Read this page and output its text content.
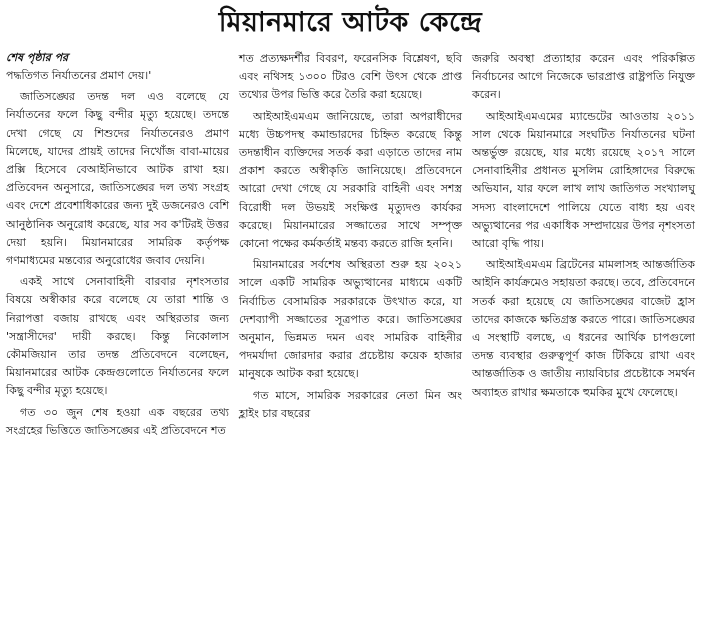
মিয়ানমারে আটক কেন্দ্রে
শেষ পৃষ্ঠার পর

পদ্ধতিগত নির্যাতনের প্রমাণ দেয়।'

জাতিসঙ্ঘের তদন্ত দল এও বলেছে যে নির্যাতনের ফলে কিছু বন্দীর মৃত্যু হয়েছে। তদন্তে দেখা গেছে যে শিশুদের নির্যাতনেরও প্রমাণ মিলেছে, যাদের প্রায়ই তাদের নিখোঁজ বাবা-মায়ের প্রক্সি হিসেবে বেআইনিভাবে আটক রাখা হয়। প্রতিবেদন অনুসারে, জাতিসঙ্ঘের দল তথ্য সংগ্রহ এবং দেশে প্রবেশাধিকারের জন্য দুই ডজনেরও বেশি আনুষ্ঠানিক অনুরোধ করেছে, যার সব ক'টিরই উত্তর দেয়া হয়নি। মিয়ানমারের সামরিক কর্তৃপক্ষ গণমাধ্যমের মন্তব্যের অনুরোধের জবাব দেয়নি।

একই সাথে সেনাবাহিনী বারবার নৃশংসতার বিষয়ে অস্বীকার করে বলেছে যে তারা শান্তি ও নিরাপত্তা বজায় রাখছে এবং অস্থিরতার জন্য 'সন্ত্রাসীদের' দায়ী করছে। কিন্তু নিকোলাস কৌমজিয়ান তার তদন্ত প্রতিবেদনে বলেছেন, মিয়ানমারের আটক কেন্দ্রগুলোতে নির্যাতনের ফলে কিছু বন্দীর মৃত্যু হয়েছে।

গত ৩০ জুন শেষ হওয়া এক বছরের তথ্য সংগ্রহের ভিত্তিতে জাতিসঙ্ঘের এই প্রতিবেদনে শত

শত প্রত্যক্ষদর্শীর বিবরণ, ফরেনসিক বিশ্লেষণ, ছবি এবং নথিসহ ১৩০০ টিরও বেশি উৎস থেকে প্রাপ্ত তথ্যের উপর ভিত্তি করে তৈরি করা হয়েছে।

আইআইএমএম জানিয়েছে, তারা অপরাধীদের মধ্যে উচ্চপদস্থ কমান্ডারদের চিহ্নিত করেছে কিন্তু তদন্তাধীন ব্যক্তিদের সতর্ক করা এড়াতে তাদের নাম প্রকাশ করতে অস্বীকৃতি জানিয়েছে। প্রতিবেদনে আরো দেখা গেছে যে সরকারি বাহিনী এবং সশস্ত্র বিরোধী দল উভয়ই সংক্ষিপ্ত মৃত্যুদণ্ড কার্যকর করেছে। মিয়ানমারের সজ্জাতের সাথে সম্পৃক্ত কোনো পক্ষের কর্মকর্তাই মন্তব্য করতে রাজি হননি।

মিয়ানমারের সর্বশেষ অস্থিরতা শুরু হয় ২০২১ সালে একটি সামরিক অভ্যুত্থানের মাধ্যমে একটি নির্বাচিত বেসামরিক সরকারকে উৎখাত করে, যা দেশব্যাপী সজ্জাতের সূত্রপাত করে। জাতিসঙ্ঘের অনুমান, ভিন্নমত দমন এবং সামরিক বাহিনীর পদমর্যাদা জোরদার করার প্রচেষ্টায় কয়েক হাজার মানুষকে আটক করা হয়েছে।

গত মাসে, সামরিক সরকারের নেতা মিন অং হ্লাইং চার বছরের

জরুরি অবস্থা প্রত্যাহার করেন এবং পরিকল্পিত নির্বাচনের আগে নিজেকে ভারপ্রাপ্ত রাষ্ট্রপতি নিযুক্ত করেন।

আইআইএমএমের ম্যান্ডেটের আওতায় ২০১১ সাল থেকে মিয়ানমারে সংঘটিত নির্যাতনের ঘটনা অন্তর্ভুক্ত রয়েছে, যার মধ্যে রয়েছে ২০১৭ সালে সেনাবাহিনীর প্রধানত মুসলিম রোহিঙ্গাদের বিরুদ্ধে অভিযান, যার ফলে লাখ লাখ জাতিগত সংখ্যালঘু সদস্য বাংলাদেশে পালিয়ে যেতে বাধ্য হয় এবং অভ্যুত্থানের পর একাধিক সম্প্রদায়ের উপর নৃশংসতা আরো বৃদ্ধি পায়।

আইআইএমএম ব্রিটেনের মামলাসহ আন্তর্জাতিক আইনি কার্যক্রমেও সহায়তা করছে। তবে, প্রতিবেদনে সতর্ক করা হয়েছে যে জাতিসঙ্ঘের বাজেট হ্রাস তাদের কাজকে ক্ষতিগ্রস্ত করতে পারে। জাতিসঙ্ঘের এ সংস্থাটি বলছে, এ ধরনের আর্থিক চাপগুলো তদন্ত ব্যবস্থার গুরুত্বপূর্ণ কাজ টিকিয়ে রাখা এবং আন্তর্জাতিক ও জাতীয় ন্যায়বিচার প্রচেষ্টাকে সমর্থন অব্যাহত রাখার ক্ষমতাকে হুমকির মুখে ফেলেছে।
